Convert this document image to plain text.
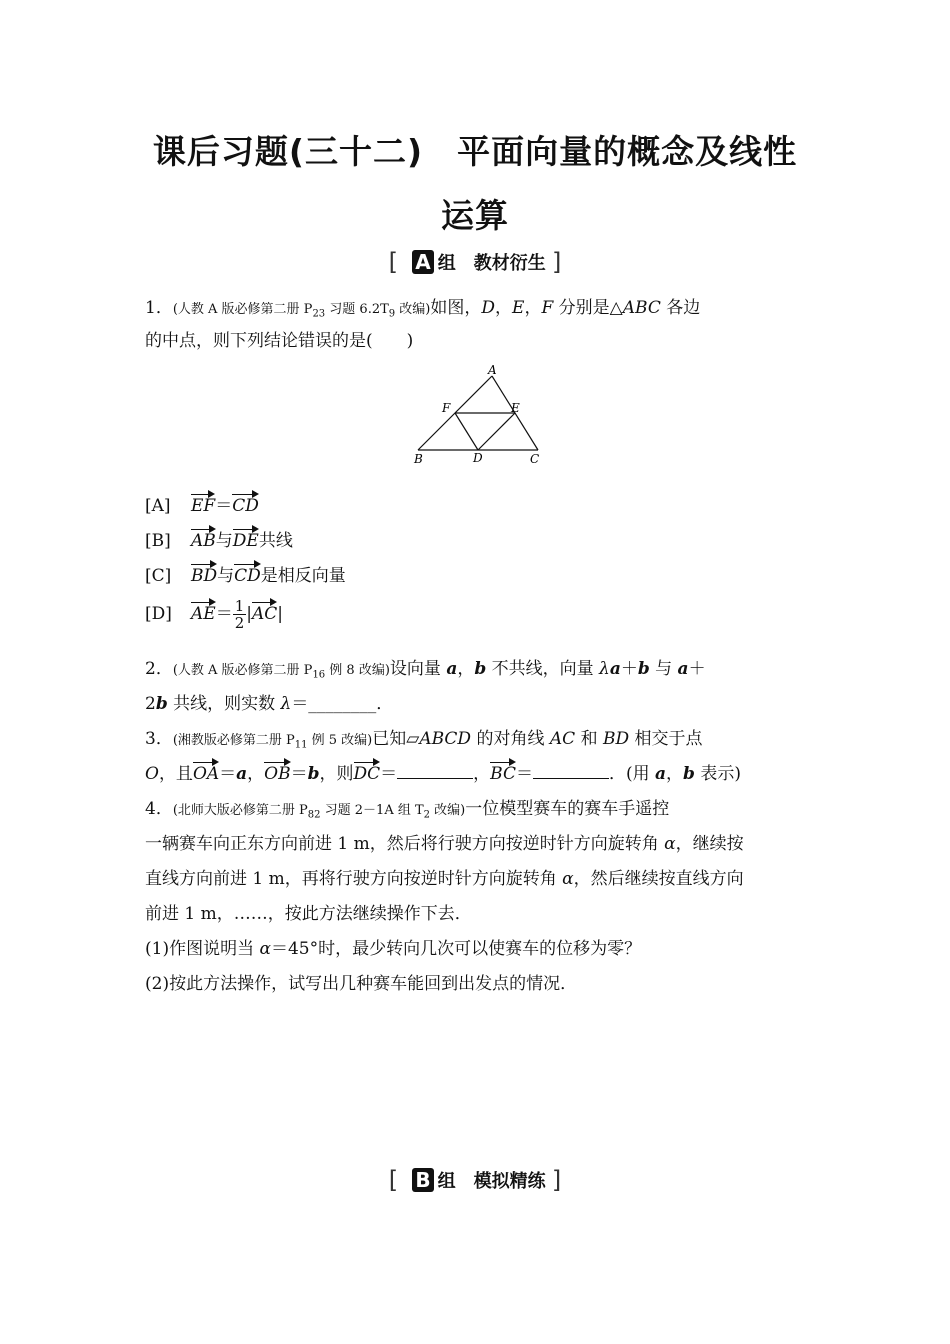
课后习题(三十二)　平面向量的概念及线性
运算
[ A 组　教材衍生 ]
1．(人教 A 版必修第二册 $P_{23}$ 习题 $6.2T_9$ 改编)如图，D，E，F 分别是△ABC 各边
的中点，则下列结论错误的是(　　)
A
F	E
B	D	C
[A] EF＝CD
[B] AB与DE共线
[C] BD与CD是相反向量
[D] $AE= \frac{1}{2} |AC|$
2．(人教 A 版必修第二册 $P_{16}$ 例 8 改编)设向量 a，b 不共线，向量 λa＋b 与 a＋
2b 共线，则实数 λ＝________．
3．(湘教版必修第二册 $P_{11}$ 例 5 改编)已知▱ABCD 的对角线 AC 和 BD 相交于点
O，且OA＝a，OB＝b，则DC＝	，BC＝	．(用 a，b 表示)
4．(北师大版必修第二册 $P_{82}$ 习题 2－1A 组 $T_2$ 改编)一位模型赛车的赛车手遥控
一辆赛车向正东方向前进 1 m，然后将行驶方向按逆时针方向旋转角 α，继续按
直线方向前进 1 m，再将行驶方向按逆时针方向旋转角 α，然后继续按直线方向
前进 1 m，……，按此方法继续操作下去．
(1)作图说明当 α＝45°时，最少转向几次可以使赛车的位移为零？
(2)按此方法操作，试写出几种赛车能回到出发点的情况．
[ B 组　模拟精练 ]
